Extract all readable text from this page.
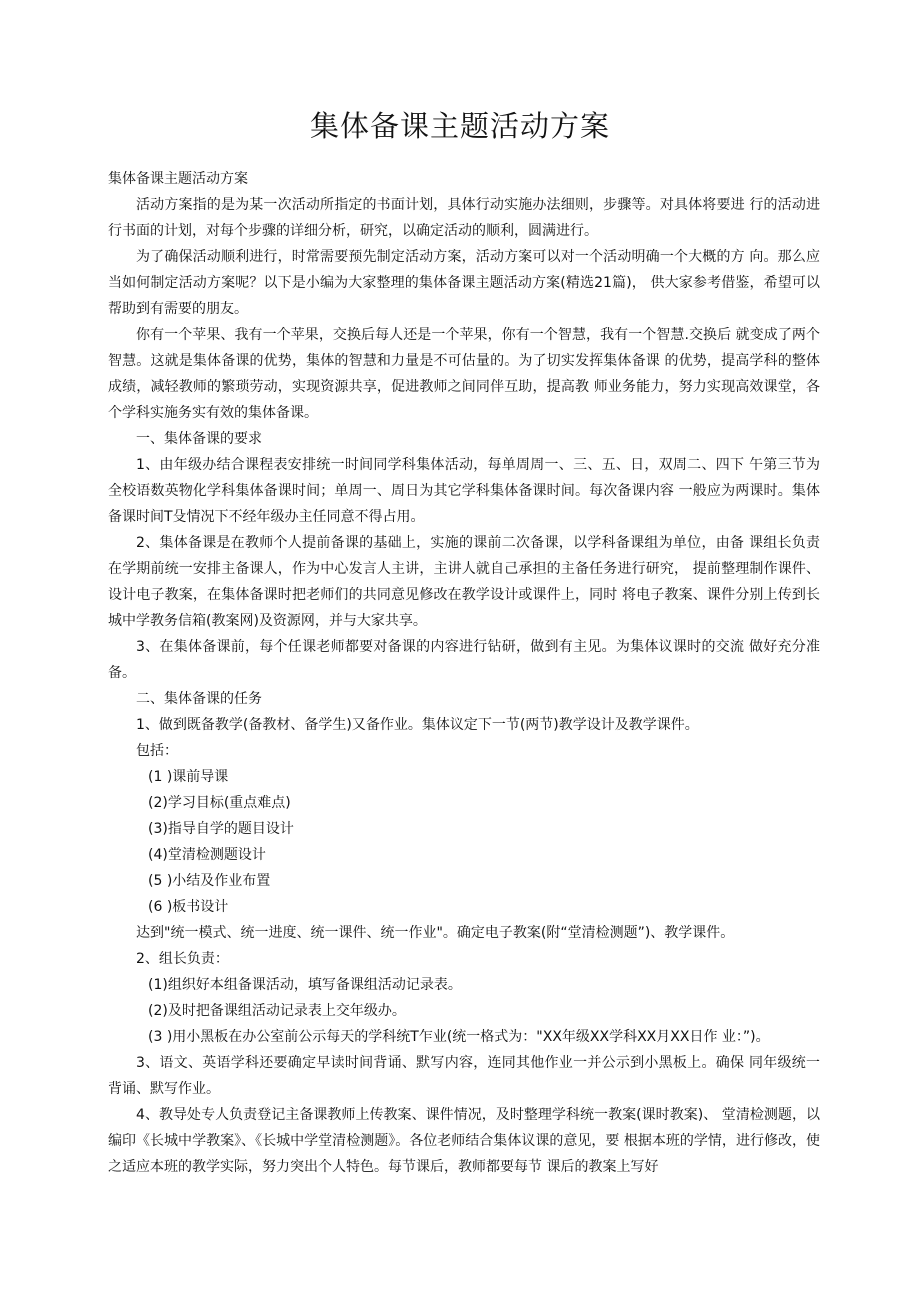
集体备课主题活动方案

集体备课主题活动方案

活动方案指的是为某一次活动所指定的书面计划，具体行动实施办法细则，步骤等。对具体将要进 行的活动进行书面的计划，对每个步骤的详细分析，研究，以确定活动的顺利，圆满进行。

为了确保活动顺利进行，时常需要预先制定活动方案，活动方案可以对一个活动明确一个大概的方 向。那么应当如何制定活动方案呢？以下是小编为大家整理的集体备课主题活动方案(精选21篇)， 供大家参考借鉴，希望可以帮助到有需要的朋友。

你有一个苹果、我有一个苹果，交换后每人还是一个苹果，你有一个智慧，我有一个智慧.交换后 就变成了两个智慧。这就是集体备课的优势，集体的智慧和力量是不可估量的。为了切实发挥集体备课 的优势，提高学科的整体成绩，减轻教师的繁琐劳动，实现资源共享，促进教师之间同伴互助，提高教 师业务能力，努力实现高效课堂，各个学科实施务实有效的集体备课。

一、集体备课的要求

1、由年级办结合课程表安排统一时间同学科集体活动，每单周周一、三、五、日，双周二、四下 午第三节为全校语数英物化学科集体备课时间；单周一、周日为其它学科集体备课时间。每次备课内容 一般应为两课时。集体备课时间T殳情况下不经年级办主任同意不得占用。

2、集体备课是在教师个人提前备课的基础上，实施的课前二次备课，以学科备课组为单位，由备 课组长负责在学期前统一安排主备课人，作为中心发言人主讲，主讲人就自己承担的主备任务进行研究， 提前整理制作课件、设计电子教案，在集体备课时把老师们的共同意见修改在教学设计或课件上，同时 将电子教案、课件分别上传到长城中学教务信箱(教案网)及资源网，并与大家共享。

3、在集体备课前，每个任课老师都要对备课的内容进行钻研，做到有主见。为集体议课时的交流 做好充分准备。

二、集体备课的任务

1、做到既备教学(备教材、备学生)又备作业。集体议定下一节(两节)教学设计及教学课件。

包括：

(1 )课前导课

(2)学习目标(重点难点)

(3)指导自学的题目设计

(4)堂清检测题设计

(5 )小结及作业布置

(6 )板书设计

达到"统一模式、统一进度、统一课件、统一作业"。确定电子教案(附“堂清检测题”)、教学课件。

2、组长负责：

(1)组织好本组备课活动，填写备课组活动记录表。

(2)及时把备课组活动记录表上交年级办。

(3 )用小黑板在办公室前公示每天的学科统T乍业(统一格式为："XX年级XX学科XX月XX日作 业：”)。

3、语文、英语学科还要确定早读时间背诵、默写内容，连同其他作业一并公示到小黑板上。确保 同年级统一背诵、默写作业。

4、教导处专人负责登记主备课教师上传教案、课件情况，及时整理学科统一教案(课时教案)、 堂清检测题，以编印《长城中学教案》、《长城中学堂清检测题》。各位老师结合集体议课的意见，要 根据本班的学情，进行修改，使之适应本班的教学实际，努力突出个人特色。每节课后，教师都要每节 课后的教案上写好
